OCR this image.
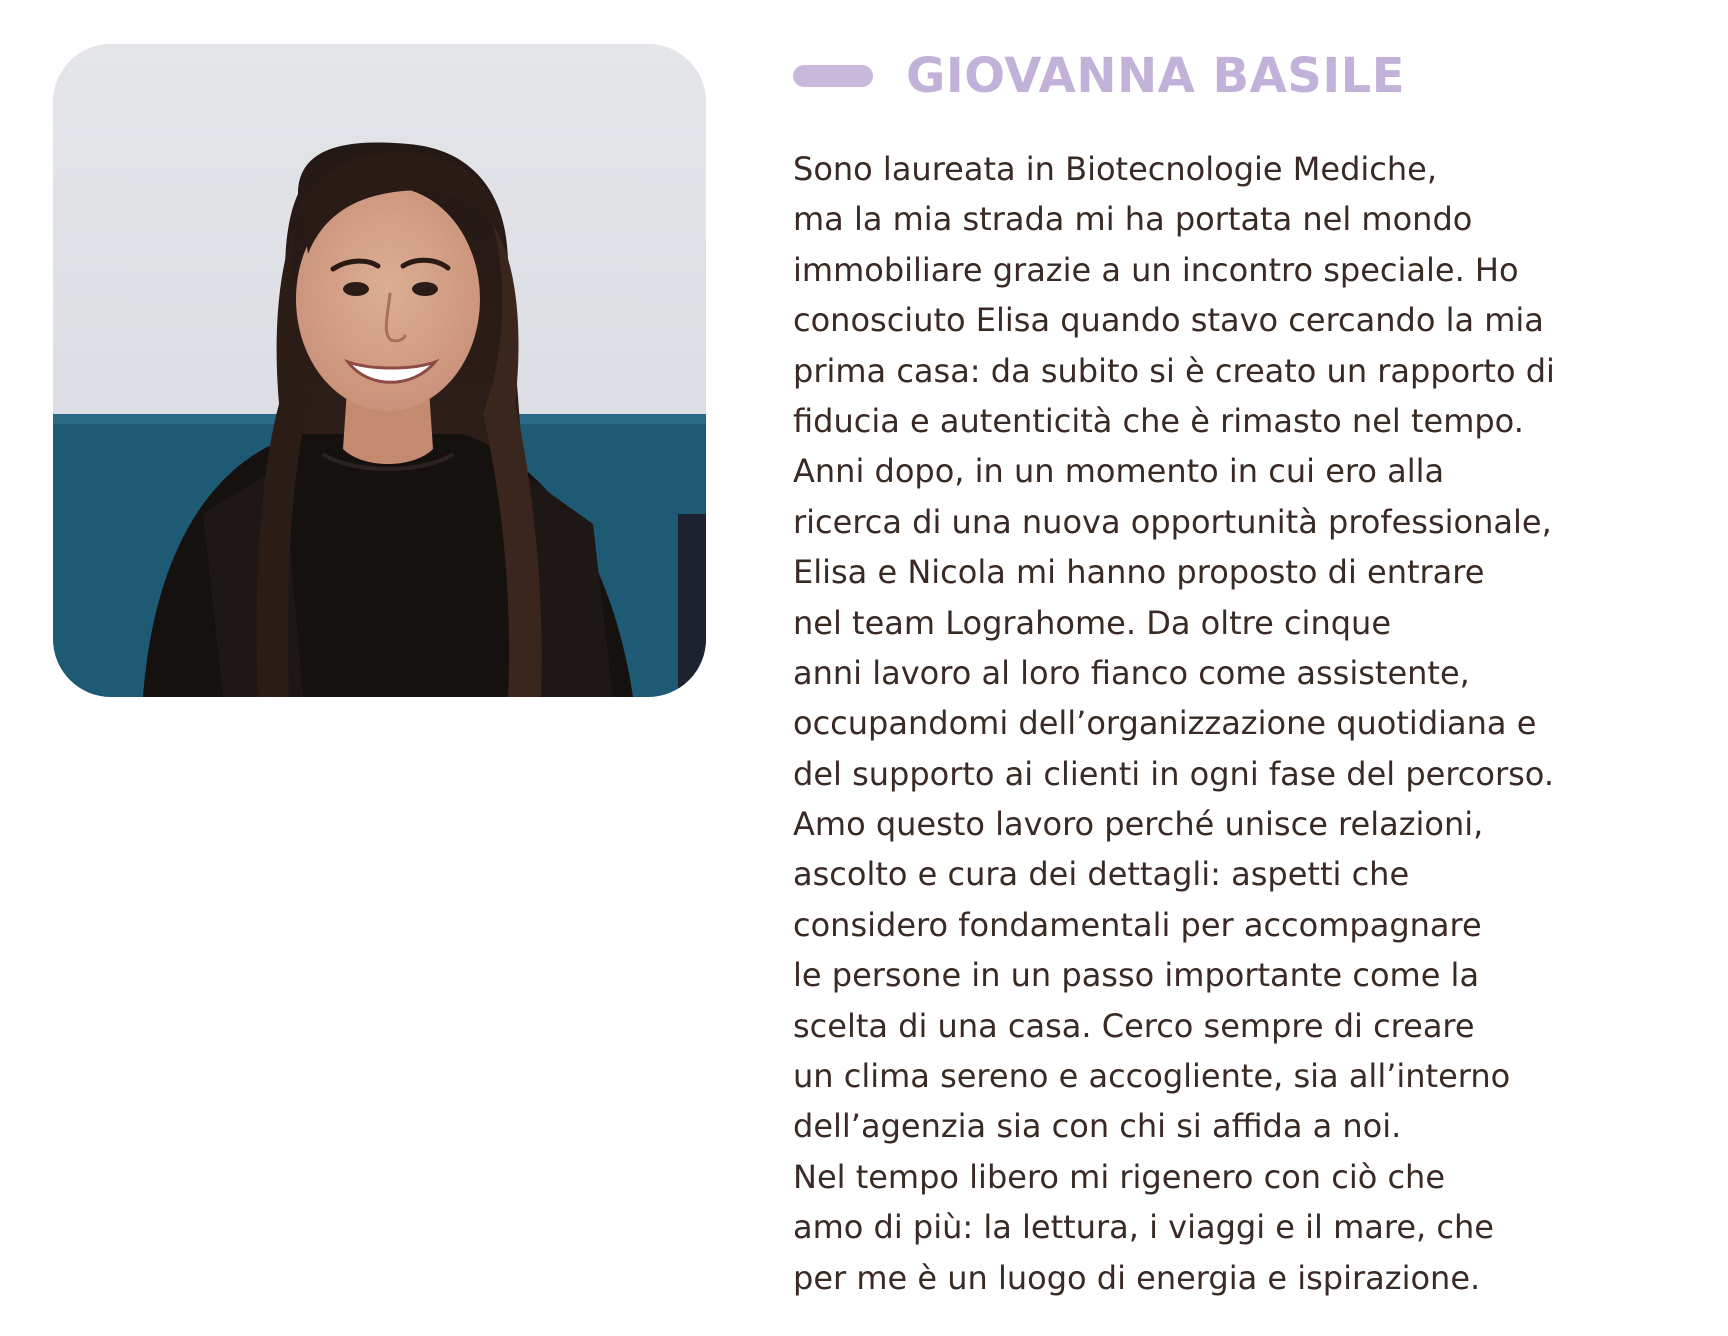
GIOVANNA BASILE
Sono laureata in Biotecnologie Mediche,
ma la mia strada mi ha portata nel mondo
immobiliare grazie a un incontro speciale. Ho
conosciuto Elisa quando stavo cercando la mia
prima casa: da subito si è creato un rapporto di
fiducia e autenticità che è rimasto nel tempo.
Anni dopo, in un momento in cui ero alla
ricerca di una nuova opportunità professionale,
Elisa e Nicola mi hanno proposto di entrare
nel team Lograhome. Da oltre cinque
anni lavoro al loro fianco come assistente,
occupandomi dell’organizzazione quotidiana e
del supporto ai clienti in ogni fase del percorso.
Amo questo lavoro perché unisce relazioni,
ascolto e cura dei dettagli: aspetti che
considero fondamentali per accompagnare
le persone in un passo importante come la
scelta di una casa. Cerco sempre di creare
un clima sereno e accogliente, sia all’interno
dell’agenzia sia con chi si affida a noi.
Nel tempo libero mi rigenero con ciò che
amo di più: la lettura, i viaggi e il mare, che
per me è un luogo di energia e ispirazione.
